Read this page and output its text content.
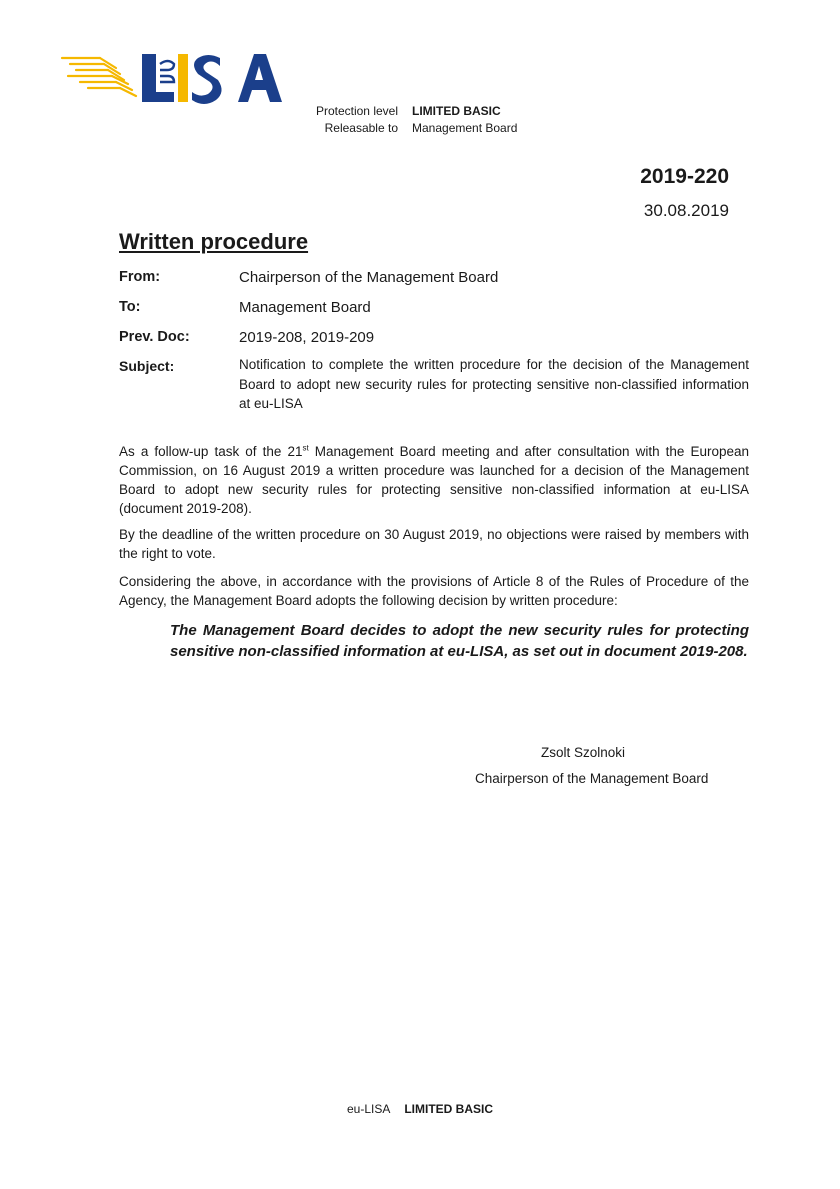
Protection level LIMITED BASIC
Releasable to Management Board
2019-220
30.08.2019
Written procedure
From:	Chairperson of the Management Board
To:	Management Board
Prev. Doc:	2019-208, 2019-209
Subject:	Notification to complete the written procedure for the decision of the Management Board to adopt new security rules for protecting sensitive non-classified information at eu-LISA
As a follow-up task of the 21st Management Board meeting and after consultation with the European Commission, on 16 August 2019 a written procedure was launched for a decision of the Management Board to adopt new security rules for protecting sensitive non-classified information at eu-LISA (document 2019-208).
By the deadline of the written procedure on 30 August 2019, no objections were raised by members with the right to vote.
Considering the above, in accordance with the provisions of Article 8 of the Rules of Procedure of the Agency, the Management Board adopts the following decision by written procedure:
The Management Board decides to adopt the new security rules for protecting sensitive non-classified information at eu-LISA, as set out in document 2019-208.
Zsolt Szolnoki
Chairperson of the Management Board
eu-LISA LIMITED BASIC
